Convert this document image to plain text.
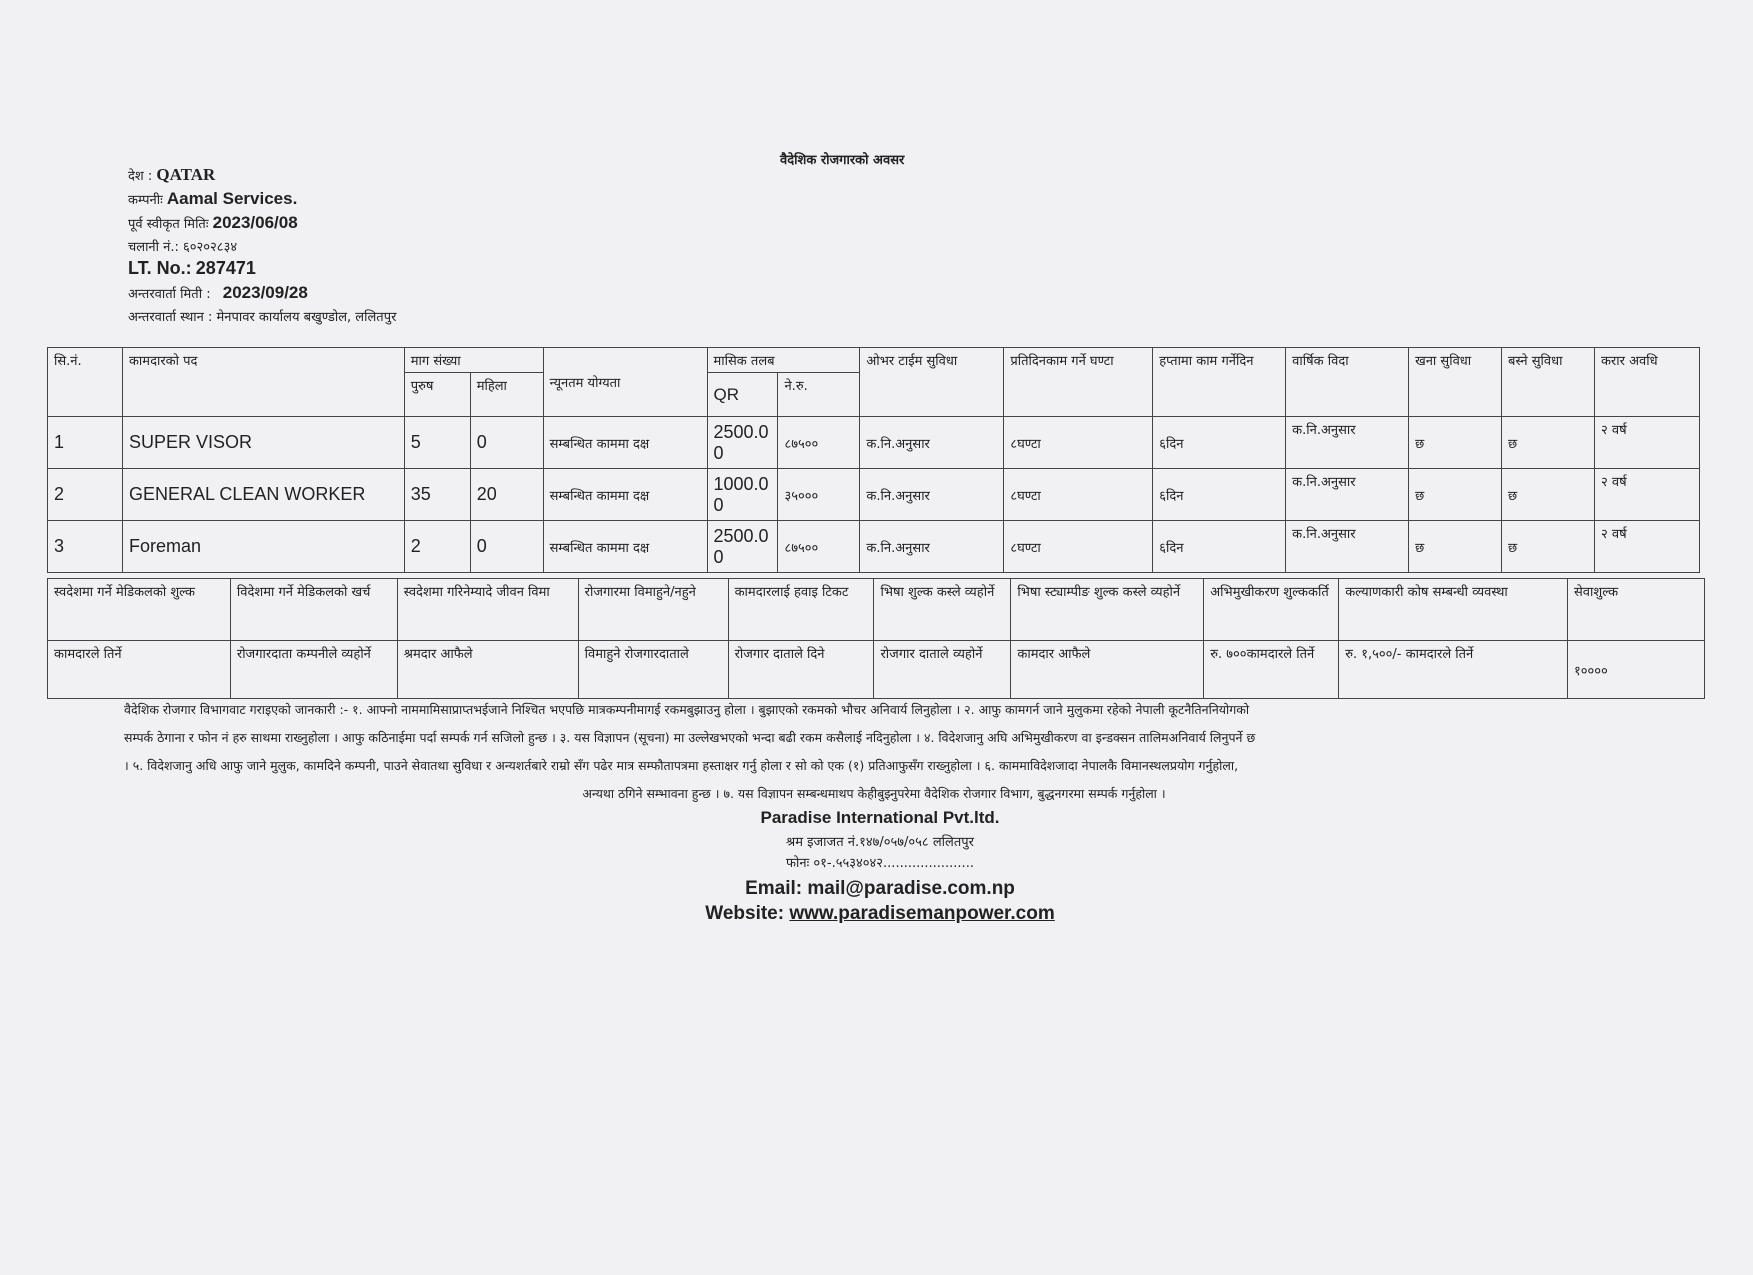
वैदेशिक रोजगारको अवसर
देश : QATAR
कम्पनीः Aamal Services.
पूर्व स्वीकृत मितिः 2023/06/08
चलानी नं.: ६०२०२८३४
LT. No.: 287471
अन्तरवार्ता मिती : 2023/09/28
अन्तरवार्ता स्थान : मेनपावर कार्यालय बखुण्डोल, ललितपुर
सि.नं.	कामदारको पद	माग संख्या		न्यूनतम योग्यता	मासिक तलब		ओभर टाईम सुविधा	प्रतिदिनकाम गर्ने घण्टा	हप्तामा काम गर्नेदिन	वार्षिक विदा	खना सुविधा	बस्ने सुविधा	करार अवधि
		पुरुष	महिला		QR	ने.रु.							
1	SUPER VISOR	5	0	सम्बन्धित काममा दक्ष	2500.00	८७५००	क.नि.अनुसार	८घण्टा	६दिन	क.नि.अनुसार	छ	छ	२ वर्ष
2	GENERAL CLEAN WORKER	35	20	सम्बन्धित काममा दक्ष	1000.00	३५०००	क.नि.अनुसार	८घण्टा	६दिन	क.नि.अनुसार	छ	छ	२ वर्ष
3	Foreman	2	0	सम्बन्धित काममा दक्ष	2500.00	८७५००	क.नि.अनुसार	८घण्टा	६दिन	क.नि.अनुसार	छ	छ	२ वर्ष
स्वदेशमा गर्ने मेडिकलको शुल्क	विदेशमा गर्ने मेडिकलको खर्च	स्वदेशमा गरिनेम्यादे जीवन विमा	रोजगारमा विमाहुने/नहुने	कामदारलाई हवाइ टिकट	भिषा शुल्क कस्ले व्यहोर्ने	भिषा स्ट्याम्पीङ शुल्क कस्ले व्यहोर्ने	अभिमुखीकरण शुल्ककर्ति	कल्याणकारी कोष सम्बन्धी व्यवस्था	सेवाशुल्क
कामदारले तिर्ने	रोजगारदाता कम्पनीले व्यहोर्ने	श्रमदार आफैले	विमाहुने रोजगारदाताले	रोजगार दाताले दिने	रोजगार दाताले व्यहोर्ने	कामदार आफैले	रु. ७००कामदारले तिर्ने	रु. १,५००/- कामदारले तिर्ने	१००००
वैदेशिक रोजगार विभागवाट गराइएको जानकारी :- १. आफ्नो नाममामिसाप्राप्तभईजाने निश्चित भएपछि मात्रकम्पनीमागई रकमबुझाउनु होला । बुझाएको रकमको भौचर अनिवार्य लिनुहोला । २. आफु कामगर्न जाने मुलुकमा रहेको नेपाली कूटनैतिननियोगको
सम्पर्क ठेगाना र फोन नं हरु साथमा राख्नुहोला । आफु कठिनाईमा पर्दा सम्पर्क गर्न सजिलो हुन्छ । ३. यस विज्ञापन (सूचना) मा उल्लेखभएको भन्दा बढी रकम कसैलाई नदिनुहोला । ४. विदेशजानु अघि अभिमुखीकरण वा इन्डक्सन तालिमअनिवार्य लिनुपर्ने छ
। ५. विदेशजानु अधि आफु जाने मुलुक, कामदिने कम्पनी, पाउने सेवातथा सुविधा र अन्यशर्तबारे राम्रो सँग पढेर मात्र सम्फौतापत्रमा हस्ताक्षर गर्नु होला र सो को एक (१) प्रतिआफुसँग राख्नुहोला । ६. काममाविदेशजादा नेपालकै विमानस्थलप्रयोग गर्नुहोला,
अन्यथा ठगिने सम्भावना हुन्छ । ७. यस विज्ञापन सम्बन्धमाथप केहीबुझ्नुपरेमा वैदेशिक रोजगार विभाग, बुद्धनगरमा सम्पर्क गर्नुहोला ।
Paradise International Pvt.ltd.
श्रम इजाजत नं.१४७/०५७/०५८ ललितपुर
फोनः ०१-.५५३४०४२......................
Email: mail@paradise.com.np
Website: www.paradisemanpower.com
